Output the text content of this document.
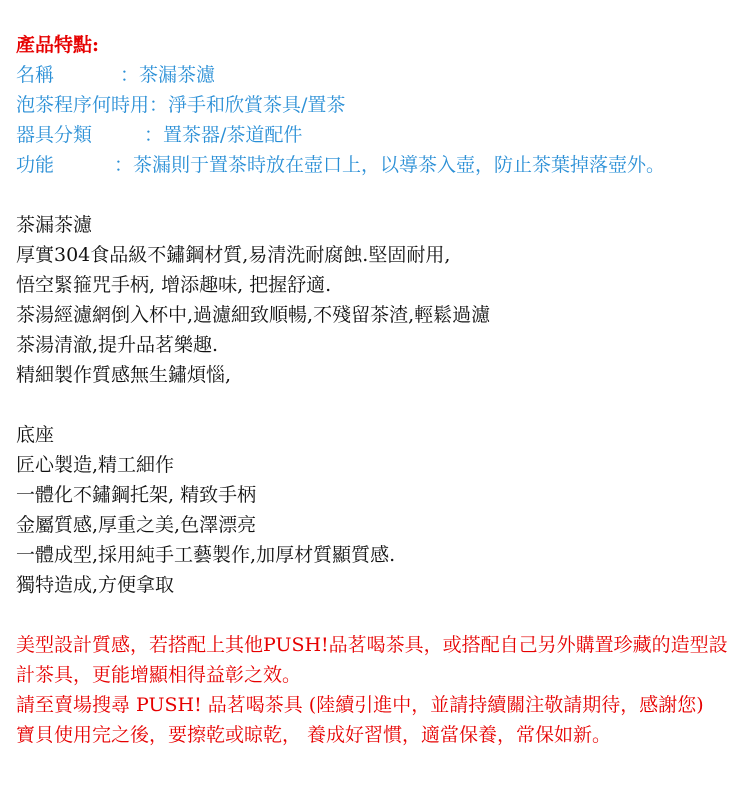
產品特點:
名稱	：茶漏茶濾
泡茶程序何時用 ：淨手和欣賞茶具/置茶
器具分類	：置茶器/茶道配件
功能	：茶漏則于置茶時放在壺口上，以導茶入壺，防止茶葉掉落壺外。
茶漏茶濾
厚實304食品級不鏽鋼材質,易清洗耐腐蝕.堅固耐用,
悟空緊箍咒手柄, 增添趣味, 把握舒適.
茶湯經濾網倒入杯中,過濾細致順暢,不殘留茶渣,輕鬆過濾
茶湯清澈,提升品茗樂趣.
精細製作質感無生鏽煩惱,
底座
匠心製造,精工細作
一體化不鏽鋼托架, 精致手柄
金屬質感,厚重之美,色澤漂亮
一體成型,採用純手工藝製作,加厚材質顯質感.
獨特造成,方便拿取
美型設計質感，若搭配上其他PUSH!品茗喝茶具，或搭配自己另外購置珍藏的造型設計茶具，更能增顯相得益彰之效。
請至賣場搜尋 PUSH! 品茗喝茶具 (陸續引進中，並請持續關注敬請期待，感謝您)
寶貝使用完之後，要擦乾或晾乾， 養成好習慣，適當保養，常保如新。
